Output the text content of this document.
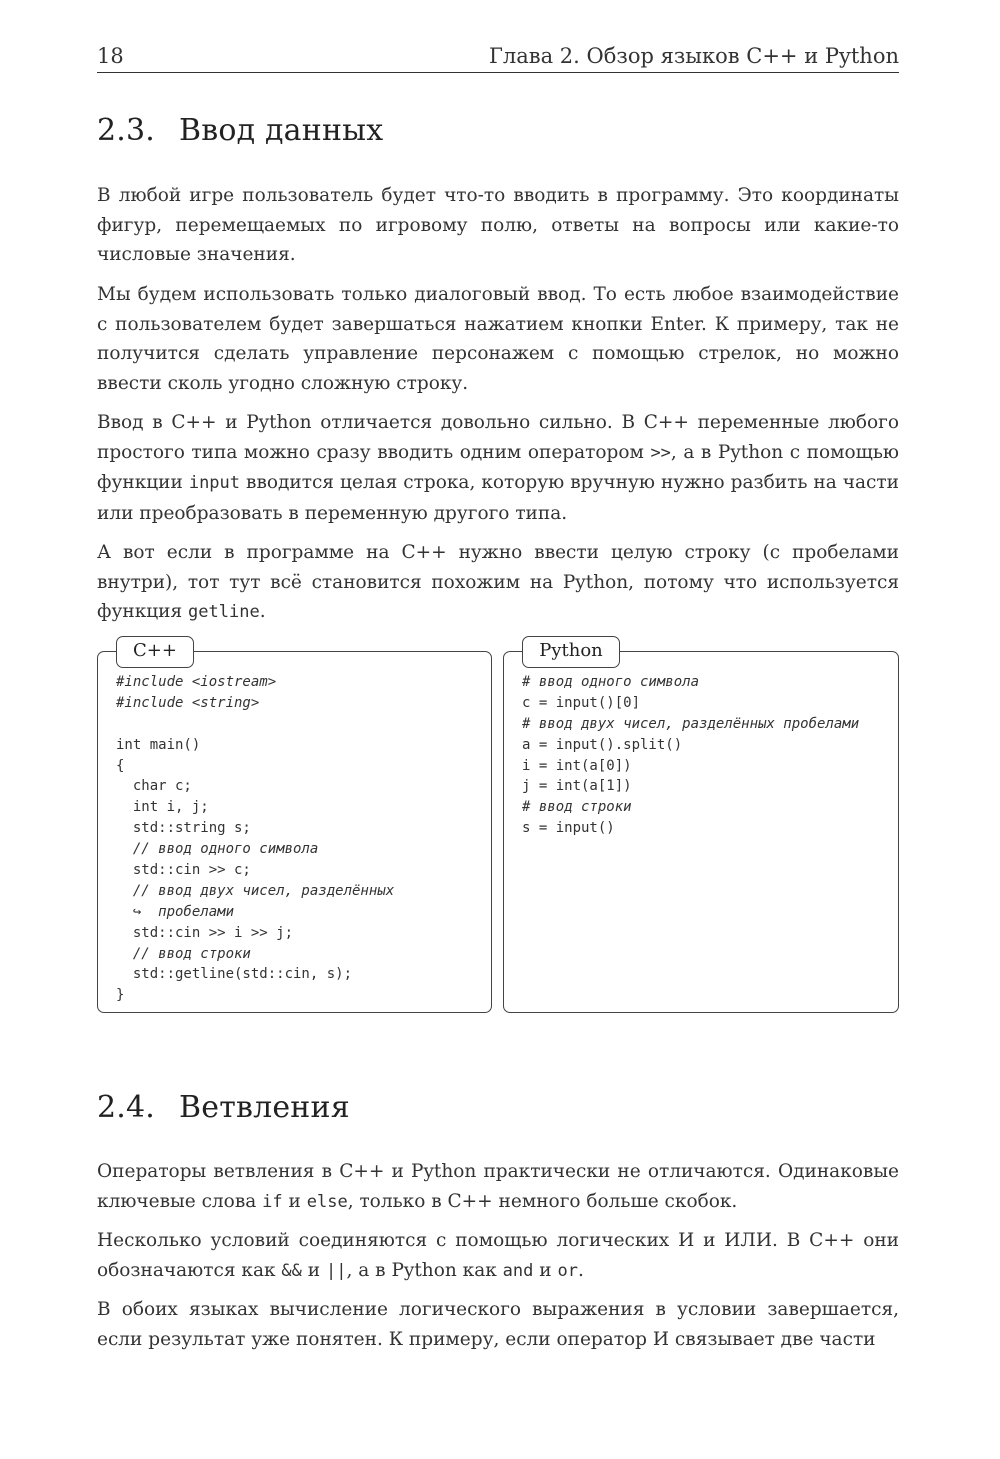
18	Глава 2. Обзор языков C++ и Python
2.3. Ввод данных

В любой игре пользователь будет что-то вводить в программу. Это координаты фигур, перемещаемых по игровому полю, ответы на вопросы или какие-то числовые значения.

Мы будем использовать только диалоговый ввод. То есть любое взаимодействие с пользователем будет завершаться нажатием кнопки Enter. К примеру, так не получится сделать управление персонажем с помощью стрелок, но можно ввести сколь угодно сложную строку.

Ввод в C++ и Python отличается довольно сильно. В C++ переменные любого простого типа можно сразу вводить одним оператором >>, а в Python с помощью функции input вводится целая строка, которую вручную нужно разбить на части или преобразовать в переменную другого типа.

А вот если в программе на C++ нужно ввести целую строку (с пробелами внутри), тот тут всё становится похожим на Python, потому что используется функция getline.

C++
#include <iostream>
#include <string>

int main()
{
char c;
int i, j;
std::string s;
// ввод одного символа
std::cin >> c;
// ввод двух чисел, разделённых
↪  пробелами
std::cin >> i >> j;
// ввод строки
std::getline(std::cin, s);
}
Python
# ввод одного символа
c = input()[0]
# ввод двух чисел, разделённых пробелами
a = input().split()
i = int(a[0])
j = int(a[1])
# ввод строки
s = input()
2.4. Ветвления

Операторы ветвления в C++ и Python практически не отличаются. Одинаковые ключевые слова if и else, только в C++ немного больше скобок.

Несколько условий соединяются с помощью логических И и ИЛИ. В C++ они обозначаются как && и ||, а в Python как and и or.

В обоих языках вычисление логического выражения в условии завершается, если результат уже понятен. К примеру, если оператор И связывает две части
